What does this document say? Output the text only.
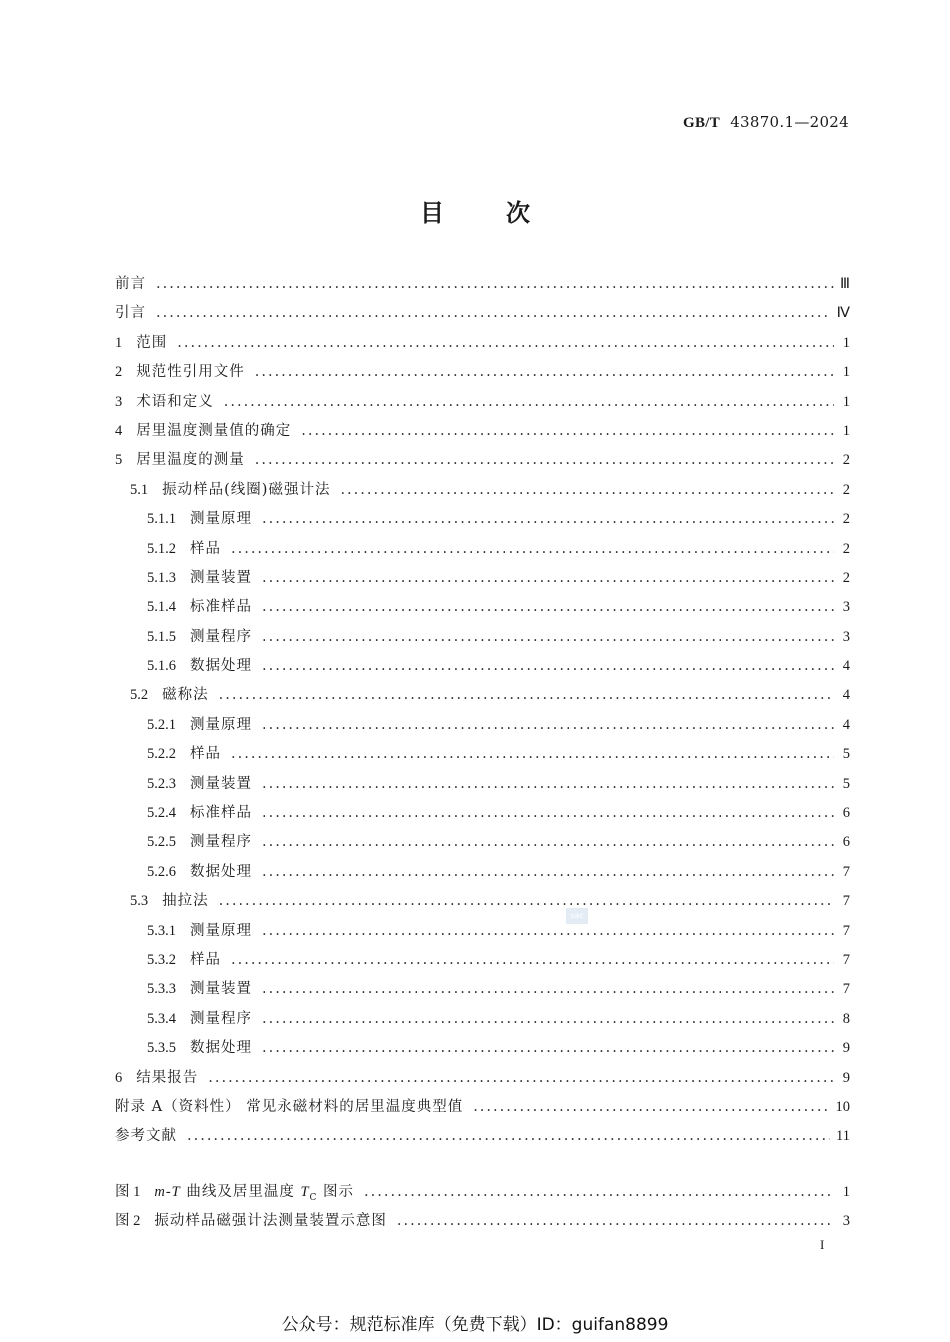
GB/T 43870.1—2024
目次
前言 .....	Ⅲ
引言 .....	Ⅳ
1 范围 .....	1
2 规范性引用文件 .....	1
3 术语和定义 .....	1
4 居里温度测量值的确定 .....	1
5 居里温度的测量 .....	2
5.1 振动样品(线圈)磁强计法 .....	2
5.1.1 测量原理 .....	2
5.1.2 样品 .....	2
5.1.3 测量装置 .....	2
5.1.4 标准样品 .....	3
5.1.5 测量程序 .....	3
5.1.6 数据处理 .....	4
5.2 磁称法 .....	4
5.2.1 测量原理 .....	4
5.2.2 样品 .....	5
5.2.3 测量装置 .....	5
5.2.4 标准样品 .....	6
5.2.5 测量程序 .....	6
5.2.6 数据处理 .....	7
5.3 抽拉法 .....	7
5.3.1 测量原理 .....	7
5.3.2 样品 .....	7
5.3.3 测量装置 .....	7
5.3.4 测量程序 .....	8
5.3.5 数据处理 .....	9
6 结果报告 .....	9
附录 A（资料性） 常见永磁材料的居里温度典型值 .....	10
参考文献 .....	11
sac
图 1 m-T 曲线及居里温度 $T_C$ 图示 .....	1
图 2 振动样品磁强计法测量装置示意图 .....	3
I
公众号：规范标准库（免费下载）ID：guifan8899
